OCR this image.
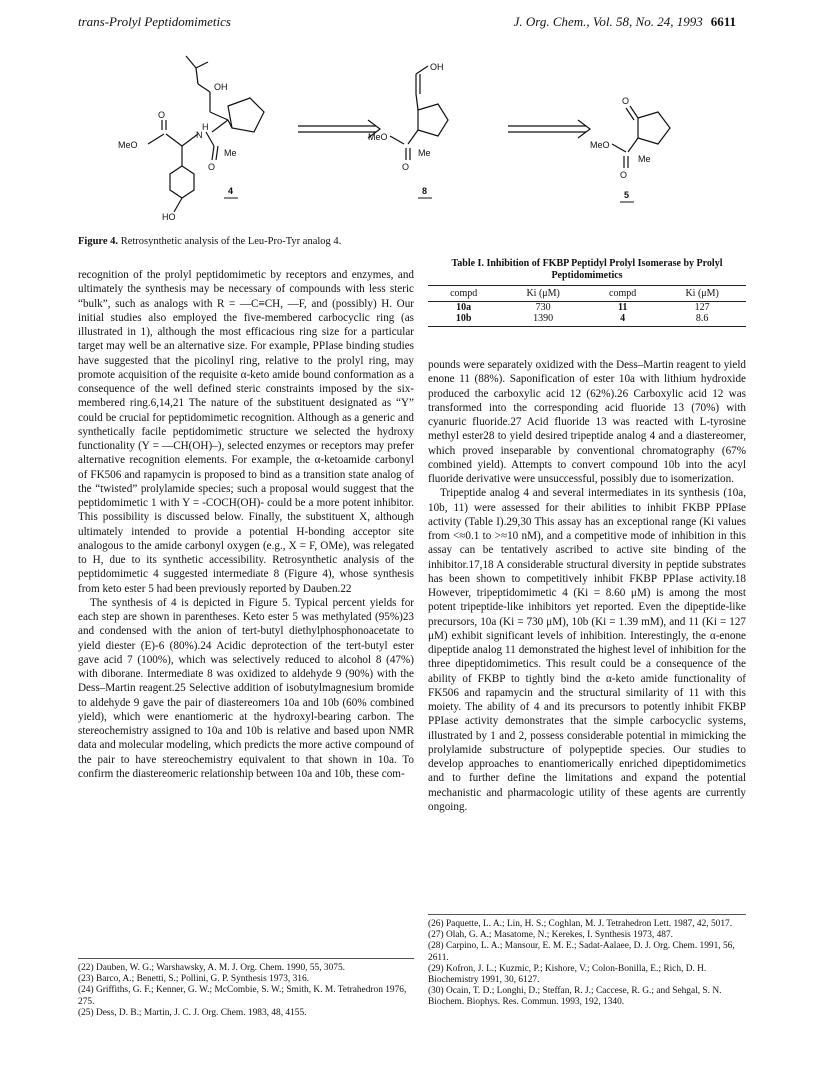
trans-Prolyl Peptidomimetics	J. Org. Chem., Vol. 58, No. 24, 1993 6611
OH
H
N
O
MeO
Me
O
HO
4
OH
MeO
Me
O
8
O
MeO
Me
O
5
Figure 4. Retrosynthetic analysis of the Leu-Pro-Tyr analog 4.
Table I. Inhibition of FKBP Peptidyl Prolyl Isomerase by Prolyl Peptidomimetics
compd	Ki (μM)	compd	Ki (μM)
10a	730	11	127
10b	1390	4	8.6

recognition of the prolyl peptidomimetic by receptors and enzymes, and ultimately the synthesis may be necessary of compounds with less steric “bulk”, such as analogs with R = —C≡CH, —F, and (possibly) H. Our initial studies also employed the five-membered carbocyclic ring (as illustrated in 1), although the most efficacious ring size for a particular target may well be an alternative size. For example, PPIase binding studies have suggested that the picolinyl ring, relative to the prolyl ring, may promote acquisition of the requisite α-keto amide bound conformation as a consequence of the well defined steric constraints imposed by the six-membered ring.6,14,21 The nature of the substituent designated as “Y” could be crucial for peptidomimetic recognition. Although as a generic and synthetically facile peptidomimetic structure we selected the hydroxy functionality (Y = —CH(OH)–), selected enzymes or receptors may prefer alternative recognition elements. For example, the α-ketoamide carbonyl of FK506 and rapamycin is proposed to bind as a transition state analog of the “twisted” prolylamide species; such a proposal would suggest that the peptidomimetic 1 with Y = -COCH(OH)- could be a more potent inhibitor. This possibility is discussed below. Finally, the substituent X, although ultimately intended to provide a potential H-bonding acceptor site analogous to the amide carbonyl oxygen (e.g., X = F, OMe), was relegated to H, due to its synthetic accessibility. Retrosynthetic analysis of the peptidomimetic 4 suggested intermediate 8 (Figure 4), whose synthesis from keto ester 5 had been previously reported by Dauben.22

The synthesis of 4 is depicted in Figure 5. Typical percent yields for each step are shown in parentheses. Keto ester 5 was methylated (95%)23 and condensed with the anion of tert-butyl diethylphosphonoacetate to yield diester (E)-6 (80%).24 Acidic deprotection of the tert-butyl ester gave acid 7 (100%), which was selectively reduced to alcohol 8 (47%) with diborane. Intermediate 8 was oxidized to aldehyde 9 (90%) with the Dess–Martin reagent.25 Selective addition of isobutylmagnesium bromide to aldehyde 9 gave the pair of diastereomers 10a and 10b (60% combined yield), which were enantiomeric at the hydroxyl-bearing carbon. The stereochemistry assigned to 10a and 10b is relative and based upon NMR data and molecular modeling, which predicts the more active compound of the pair to have stereochemistry equivalent to that shown in 10a. To confirm the diastereomeric relationship between 10a and 10b, these com-

pounds were separately oxidized with the Dess–Martin reagent to yield enone 11 (88%). Saponification of ester 10a with lithium hydroxide produced the carboxylic acid 12 (62%).26 Carboxylic acid 12 was transformed into the corresponding acid fluoride 13 (70%) with cyanuric fluoride.27 Acid fluoride 13 was reacted with L-tyrosine methyl ester28 to yield desired tripeptide analog 4 and a diastereomer, which proved inseparable by conventional chromatography (67% combined yield). Attempts to convert compound 10b into the acyl fluoride derivative were unsuccessful, possibly due to isomerization.

Tripeptide analog 4 and several intermediates in its synthesis (10a, 10b, 11) were assessed for their abilities to inhibit FKBP PPIase activity (Table I).29,30 This assay has an exceptional range (Ki values from <≈0.1 to >≈10 nM), and a competitive mode of inhibition in this assay can be tentatively ascribed to active site binding of the inhibitor.17,18 A considerable structural diversity in peptide substrates has been shown to competitively inhibit FKBP PPIase activity.18 However, tripeptidomimetic 4 (Ki = 8.60 μM) is among the most potent tripeptide-like inhibitors yet reported. Even the dipeptide-like precursors, 10a (Ki = 730 μM), 10b (Ki = 1.39 mM), and 11 (Ki = 127 μM) exhibit significant levels of inhibition. Interestingly, the α-enone dipeptide analog 11 demonstrated the highest level of inhibition for the three dipeptidomimetics. This result could be a consequence of the ability of FKBP to tightly bind the α-keto amide functionality of FK506 and rapamycin and the structural similarity of 11 with this moiety. The ability of 4 and its precursors to potently inhibit FKBP PPIase activity demonstrates that the simple carbocyclic systems, illustrated by 1 and 2, possess considerable potential in mimicking the prolylamide substructure of polypeptide species. Our studies to develop approaches to enantiomerically enriched dipeptidomimetics and to further define the limitations and expand the potential mechanistic and pharmacologic utility of these agents are currently ongoing.

(22) Dauben, W. G.; Warshawsky, A. M. J. Org. Chem. 1990, 55, 3075.
(23) Barco, A.; Benetti, S.; Pollini, G. P. Synthesis 1973, 316.
(24) Griffiths, G. F.; Kenner, G. W.; McCombie, S. W.; Smith, K. M. Tetrahedron 1976, 275.
(25) Dess, D. B.; Martin, J. C. J. Org. Chem. 1983, 48, 4155.
(26) Paquette, L. A.; Lin, H. S.; Coghlan, M. J. Tetrahedron Lett. 1987, 42, 5017.
(27) Olah, G. A.; Masatome, N.; Kerekes, I. Synthesis 1973, 487.
(28) Carpino, L. A.; Mansour, E. M. E.; Sadat-Aalaee, D. J. Org. Chem. 1991, 56, 2611.
(29) Kofron, J. L.; Kuzmic, P.; Kishore, V.; Colon-Bonilla, E.; Rich, D. H. Biochemistry 1991, 30, 6127.
(30) Ocain, T. D.; Longhi, D.; Steffan, R. J.; Caccese, R. G.; and Sehgal, S. N. Biochem. Biophys. Res. Commun. 1993, 192, 1340.
